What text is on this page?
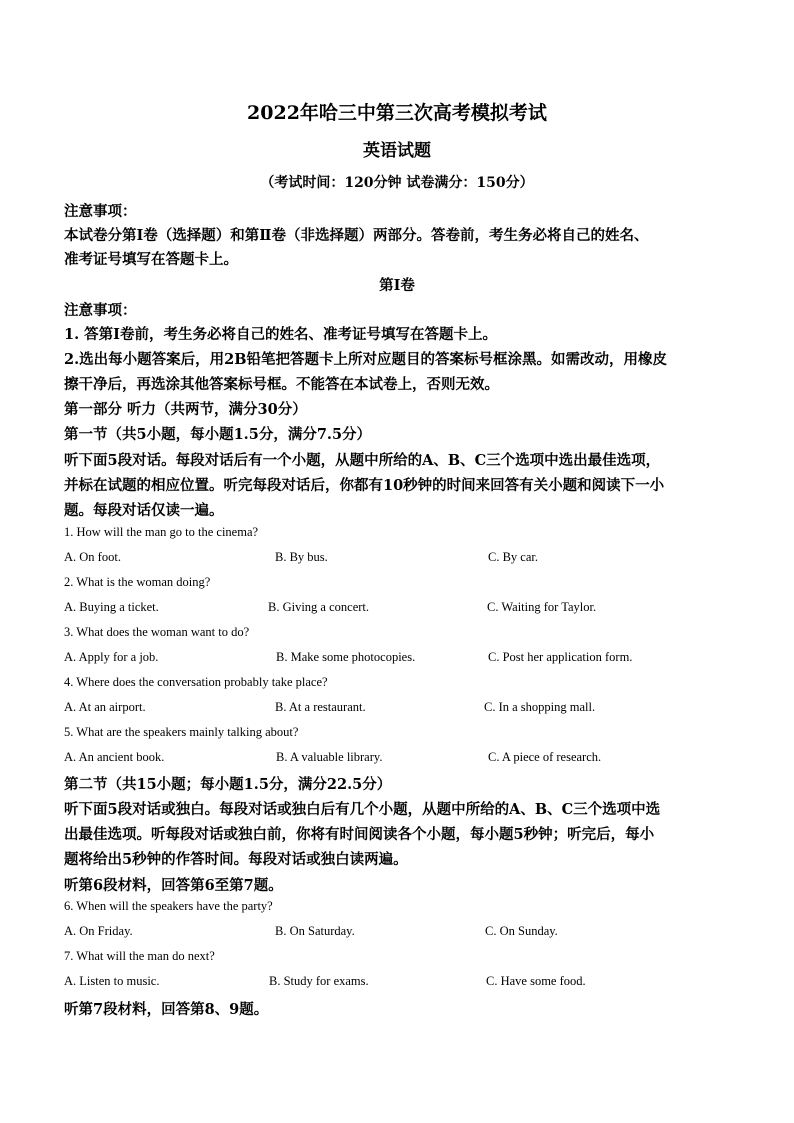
2022年哈三中第三次高考模拟考试
英语试题
（考试时间：120分钟 试卷满分：150分）
注意事项：
本试卷分第Ⅰ卷（选择题）和第Ⅱ卷（非选择题）两部分。答卷前，考生务必将自己的姓名、
准考证号填写在答题卡上。
第Ⅰ卷
注意事项：
1. 答第Ⅰ卷前，考生务必将自己的姓名、准考证号填写在答题卡上。
2.选出每小题答案后，用2B铅笔把答题卡上所对应题目的答案标号框涂黑。如需改动，用橡皮
擦干净后，再选涂其他答案标号框。不能答在本试卷上，否则无效。
第一部分 听力（共两节，满分30分）
第一节（共5小题，每小题1.5分，满分7.5分）
听下面5段对话。每段对话后有一个小题，从题中所给的A、B、C三个选项中选出最佳选项，
并标在试题的相应位置。听完每段对话后，你都有10秒钟的时间来回答有关小题和阅读下一小
题。每段对话仅读一遍。
1. How will the man go to the cinema?
A. On foot.	B. By bus.	C. By car.
2. What is the woman doing?
A. Buying a ticket.	B. Giving a concert.	C. Waiting for Taylor.
3. What does the woman want to do?
A. Apply for a job.	B. Make some photocopies.	C. Post her application form.
4. Where does the conversation probably take place?
A. At an airport.	B. At a restaurant.	C. In a shopping mall.
5. What are the speakers mainly talking about?
A. An ancient book.	B. A valuable library.	C. A piece of research.
第二节（共15小题；每小题1.5分，满分22.5分）
听下面5段对话或独白。每段对话或独白后有几个小题，从题中所给的A、B、C三个选项中选
出最佳选项。听每段对话或独白前，你将有时间阅读各个小题，每小题5秒钟；听完后，每小
题将给出5秒钟的作答时间。每段对话或独白读两遍。
听第6段材料，回答第6至第7题。
6. When will the speakers have the party?
A. On Friday.	B. On Saturday.	C. On Sunday.
7. What will the man do next?
A. Listen to music.	B. Study for exams.	C. Have some food.
听第7段材料，回答第8、9题。
